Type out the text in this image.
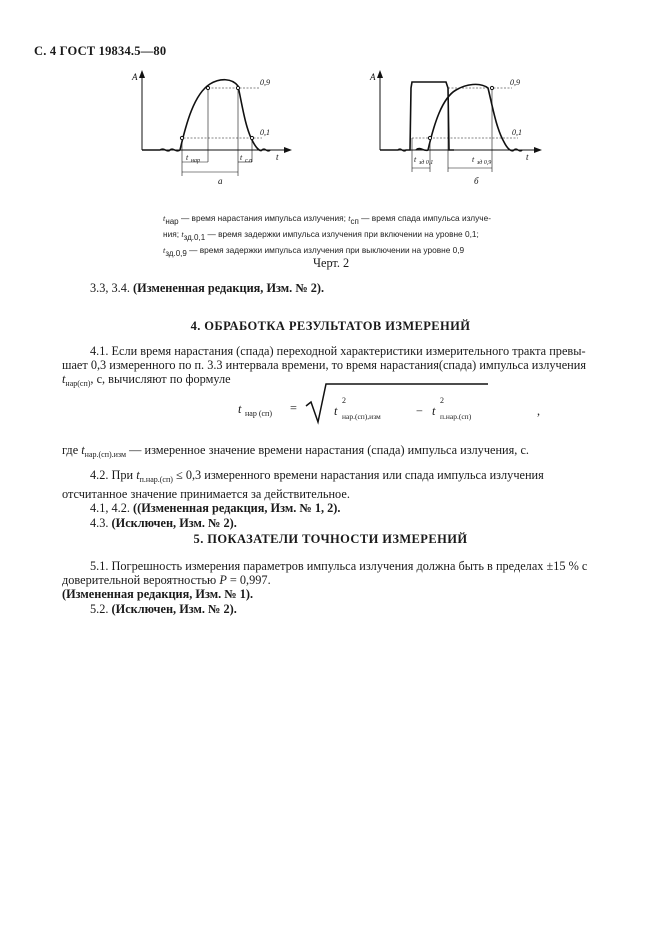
С. 4 ГОСТ 19834.5—80
A
t
0,9
0,1
t нар	t с.п
а
A
t
0,9
0,1
t зд 0,1	t зд 0,9
б
tнар — время нарастания импульса излучения; tсп — время спада импульса излуче-
ния; tзд.0,1 — время задержки импульса излучения при включении на уровне 0,1;
tзд.0,9 — время задержки импульса излучения при выключении на уровне 0,9
Черт. 2
3.3, 3.4. (Измененная редакция, Изм. № 2).
4. ОБРАБОТКА РЕЗУЛЬТАТОВ ИЗМЕРЕНИЙ
4.1. Если время нарастания (спада) переходной характеристики измерительного тракта превы-
шает 0,3 измеренного по п. 3.3 интервала времени, то время нарастания(спада) импульса излучения
$t_{нар(сп)}$, с, вычисляют по формуле
t нар (сп) =	t
2
нар.(сп),изм	− t
2
п.нар.(сп)	,
где $t_{нар.(сп).изм}$ — измеренное значение времени нарастания (спада) импульса излучения, с.
4.2. При $t_{п.нар.(сп)} \le 0,3$ измеренного времени нарастания или спада импульса излучения
отсчитанное значение принимается за действительное.
4.1, 4.2. ((Измененная редакция, Изм. № 1, 2).
4.3. (Исключен, Изм. № 2).
5. ПОКАЗАТЕЛИ ТОЧНОСТИ ИЗМЕРЕНИЙ
5.1. Погрешность измерения параметров импульса излучения должна быть в пределах ±15 % с
доверительной вероятностью P = 0,997.
(Измененная редакция, Изм. № 1).
5.2. (Исключен, Изм. № 2).
